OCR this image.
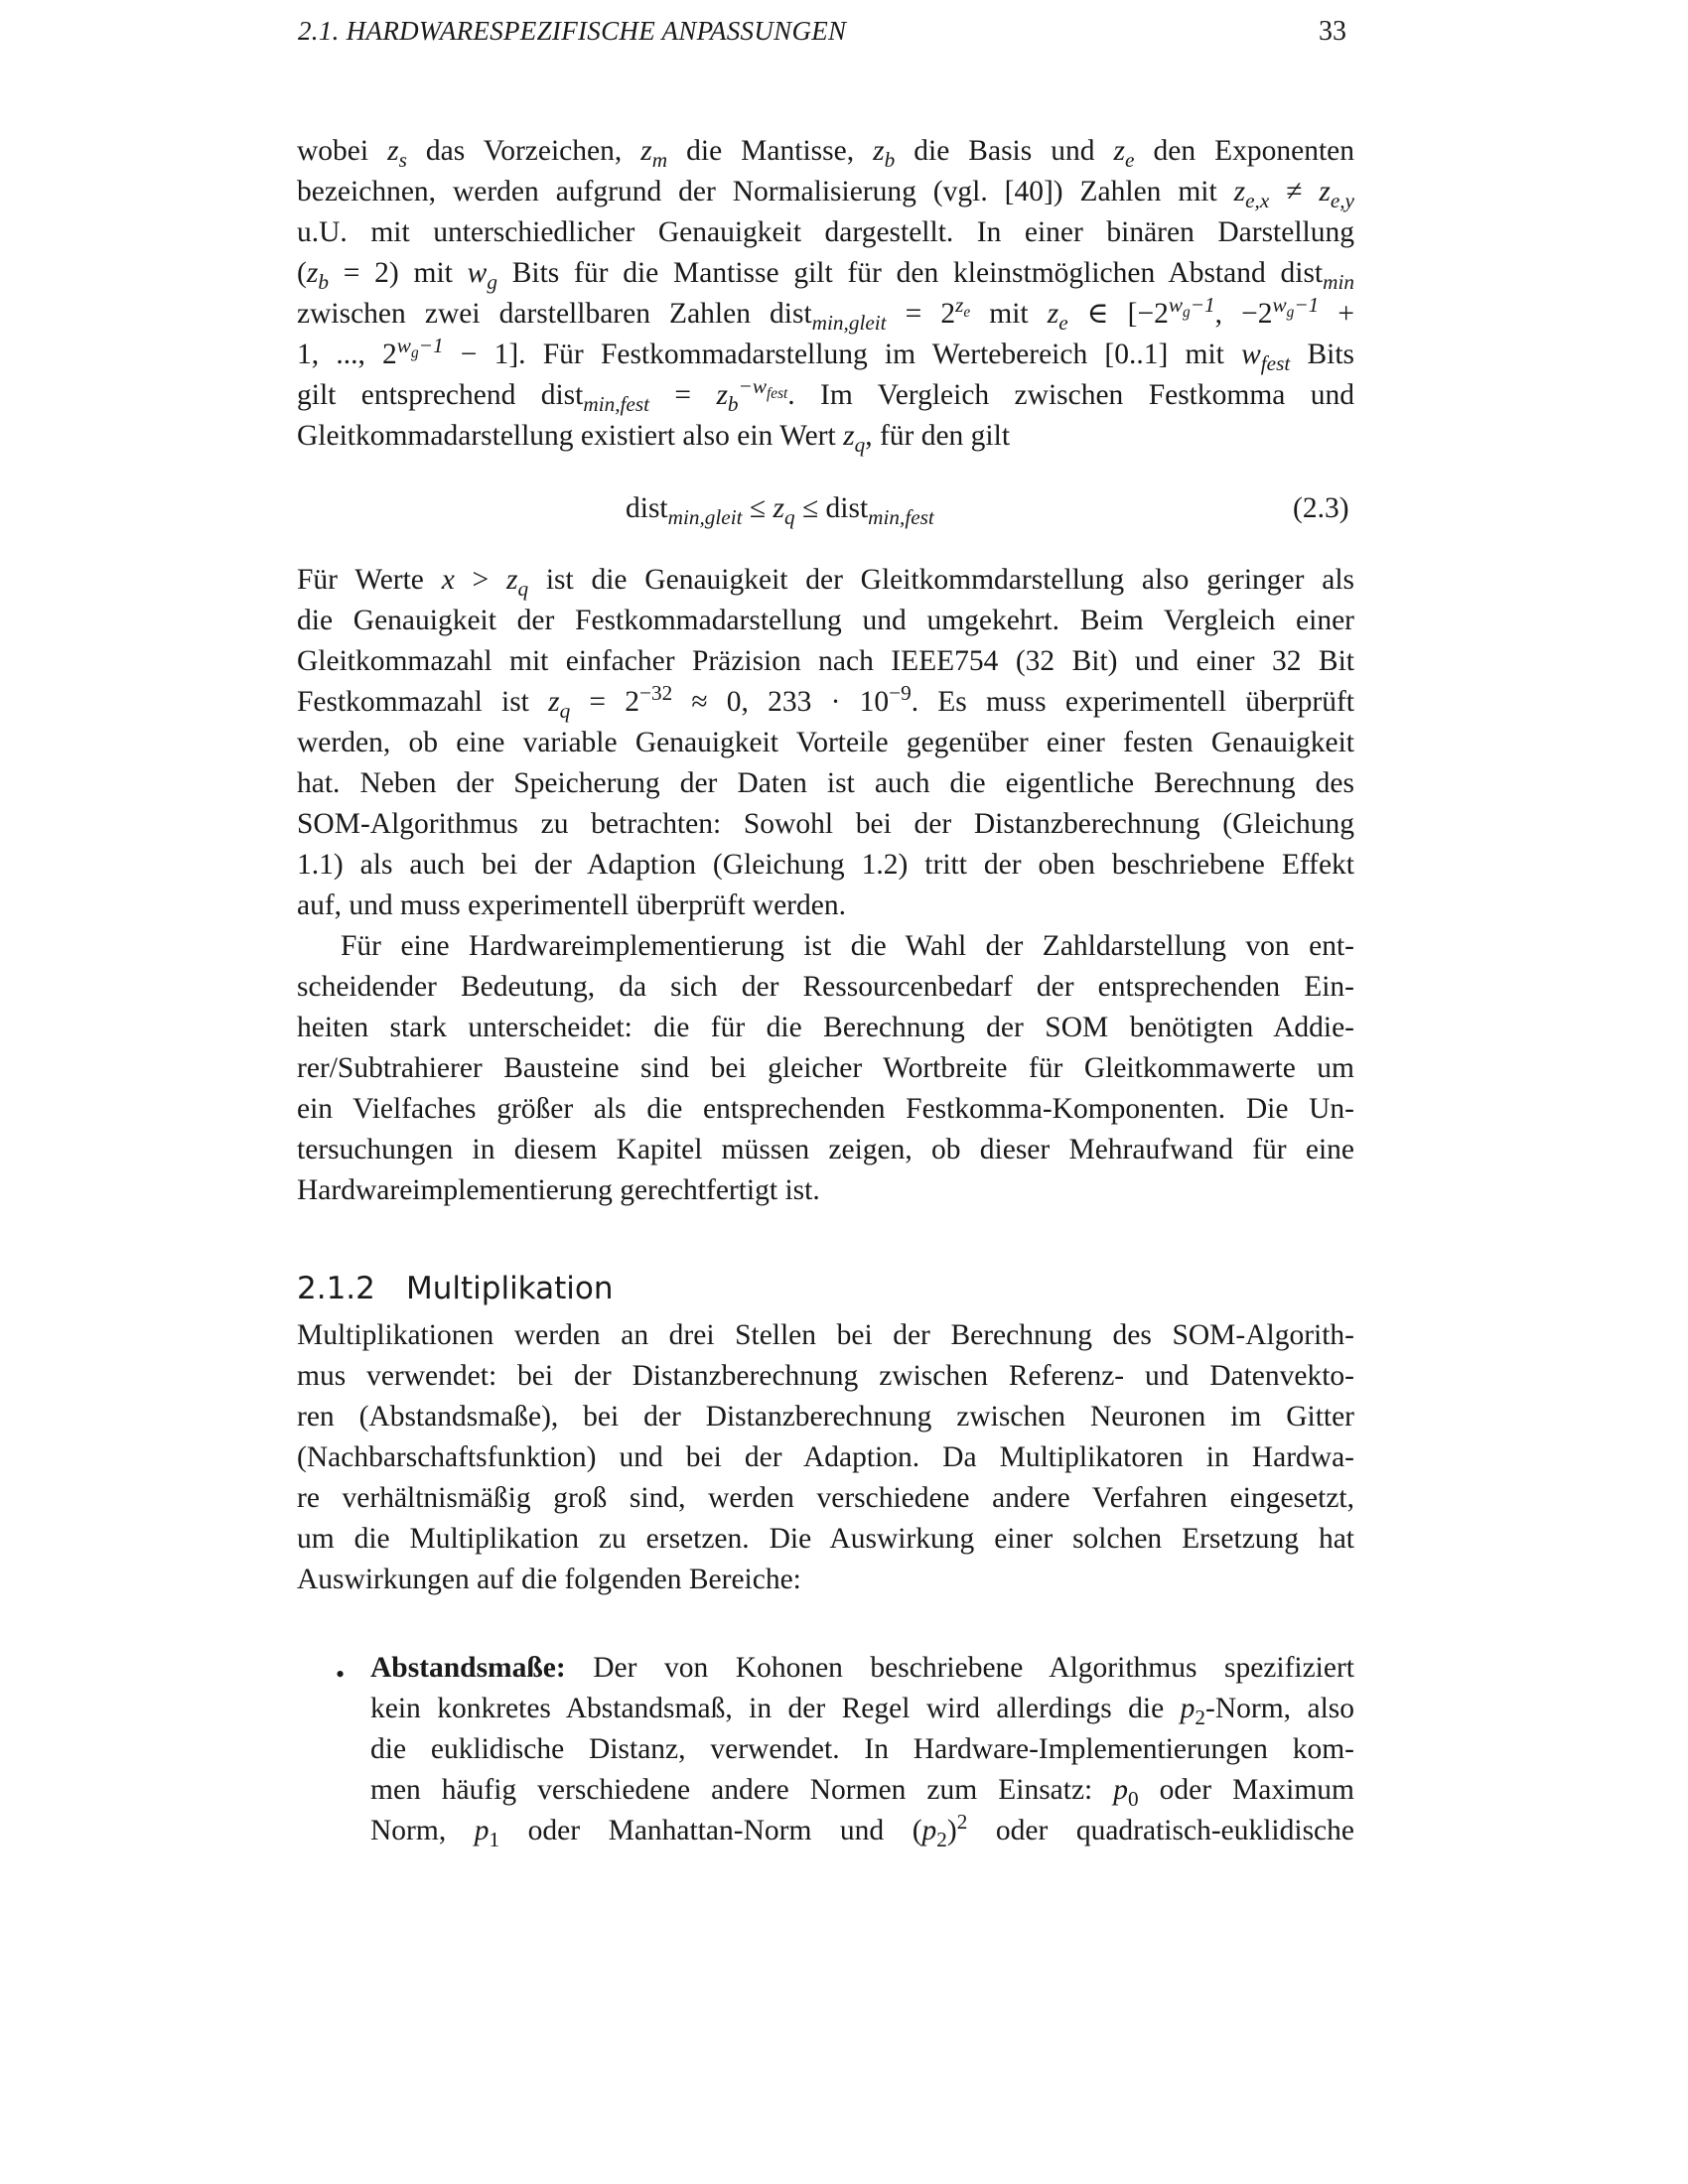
2.1. HARDWARESPEZIFISCHE ANPASSUNGEN	33
wobei $z_s$ das Vorzeichen, $z_m$ die Mantisse, $z_b$ die Basis und $z_e$ den Exponenten
bezeichnen, werden aufgrund der Normalisierung (vgl. [40]) Zahlen mit $z_{e,x} \ne z_{e,y}$
u.U. mit unterschiedlicher Genauigkeit dargestellt. In einer binären Darstellung
$(z_b = 2)$ mit $w_g$ Bits für die Mantisse gilt für den kleinstmöglichen Abstand dist$_{min}$
zwischen zwei darstellbaren Zahlen dist$_{min,gleit}$ = $2^{z_e}$ mit $z_e$ ∈ [$-2^{w_g-1}$, $-2^{w_g-1}$ +
1, ..., $2^{w_g-1} - 1$]. Für Festkommadarstellung im Wertebereich [0..1] mit $w_{fest}$ Bits
gilt entsprechend dist$_{min,fest}$ = $z_b^{-w_{fest}}$. Im Vergleich zwischen Festkomma und
Gleitkommadarstellung existiert also ein Wert $z_q$, für den gilt
dist$_{min,gleit}$ ≤ $z_q$ ≤ dist$_{min,fest}$	(2.3)
Für Werte $x > z_q$ ist die Genauigkeit der Gleitkommdarstellung also geringer als
die Genauigkeit der Festkommadarstellung und umgekehrt. Beim Vergleich einer
Gleitkommazahl mit einfacher Präzision nach IEEE754 (32 Bit) und einer 32 Bit
Festkommazahl ist $z_q = 2^{-32} \approx 0$, $233 \cdot 10^{-9}$. Es muss experimentell überprüft
werden, ob eine variable Genauigkeit Vorteile gegenüber einer festen Genauigkeit
hat. Neben der Speicherung der Daten ist auch die eigentliche Berechnung des
SOM-Algorithmus zu betrachten: Sowohl bei der Distanzberechnung (Gleichung
1.1) als auch bei der Adaption (Gleichung 1.2) tritt der oben beschriebene Effekt
auf, und muss experimentell überprüft werden.
Für eine Hardwareimplementierung ist die Wahl der Zahldarstellung von ent-
scheidender Bedeutung, da sich der Ressourcenbedarf der entsprechenden Ein-
heiten stark unterscheidet: die für die Berechnung der SOM benötigten Addie-
rer/Subtrahierer Bausteine sind bei gleicher Wortbreite für Gleitkommawerte um
ein Vielfaches größer als die entsprechenden Festkomma-Komponenten. Die Un-
tersuchungen in diesem Kapitel müssen zeigen, ob dieser Mehraufwand für eine
Hardwareimplementierung gerechtfertigt ist.
2.1.2 Multiplikation
Multiplikationen werden an drei Stellen bei der Berechnung des SOM-Algorith-
mus verwendet: bei der Distanzberechnung zwischen Referenz- und Datenvekto-
ren (Abstandsmaße), bei der Distanzberechnung zwischen Neuronen im Gitter
(Nachbarschaftsfunktion) und bei der Adaption. Da Multiplikatoren in Hardwa-
re verhältnismäßig groß sind, werden verschiedene andere Verfahren eingesetzt,
um die Multiplikation zu ersetzen. Die Auswirkung einer solchen Ersetzung hat
Auswirkungen auf die folgenden Bereiche:
• Abstandsmaße: Der von Kohonen beschriebene Algorithmus spezifiziert
kein konkretes Abstandsmaß, in der Regel wird allerdings die $p_2$-Norm, also
die euklidische Distanz, verwendet. In Hardware-Implementierungen kom-
men häufig verschiedene andere Normen zum Einsatz: $p_0$ oder Maximum
Norm, $p_1$ oder Manhattan-Norm und $(p_2)^2$ oder quadratisch-euklidische
